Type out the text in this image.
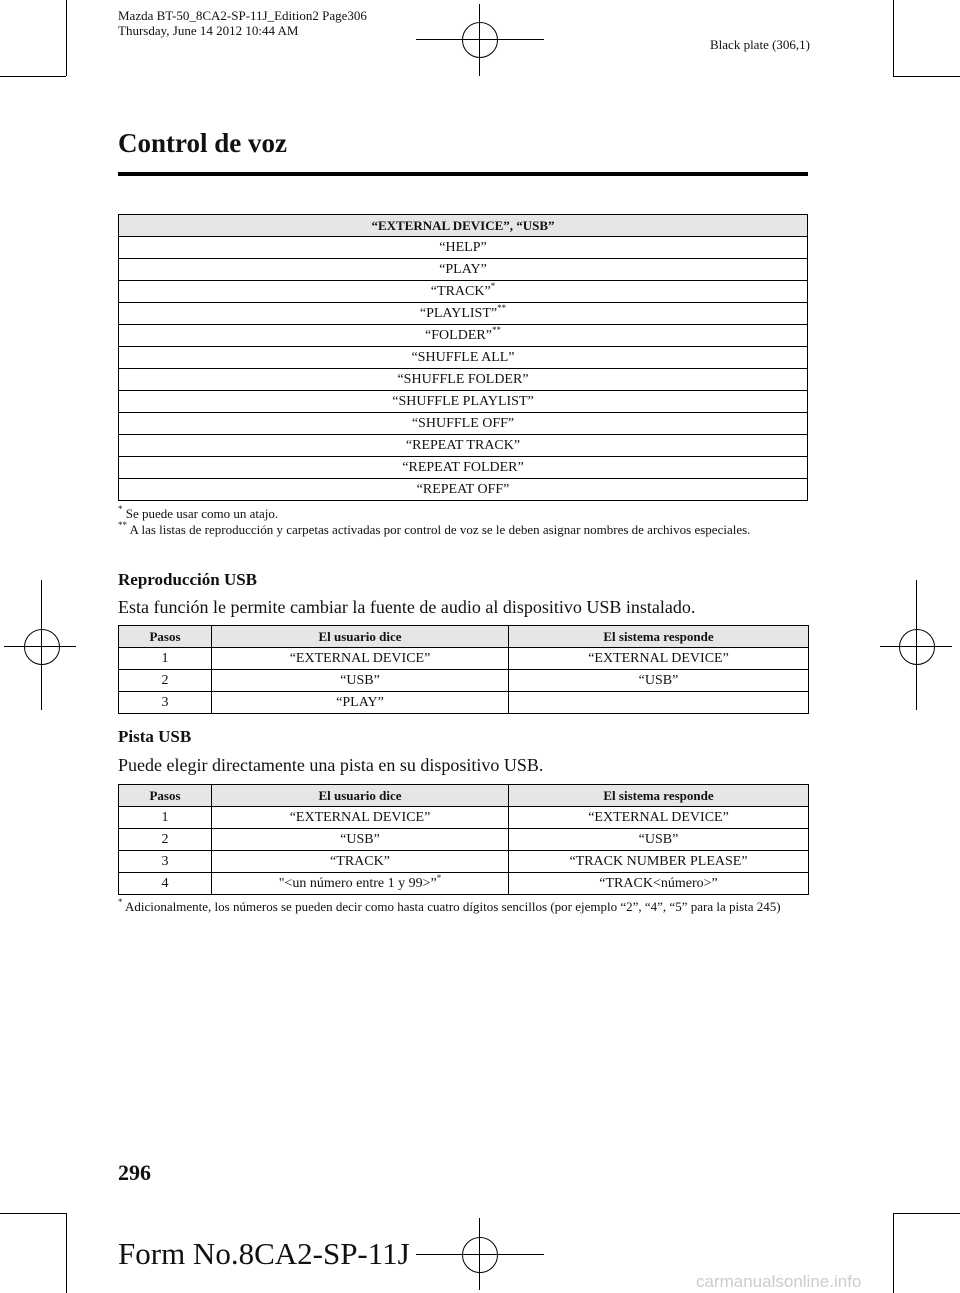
Mazda BT-50_8CA2-SP-11J_Edition2 Page306
Thursday, June 14 2012 10:44 AM
Black plate (306,1)
Control de voz
“EXTERNAL DEVICE”, “USB”
“HELP”
“PLAY”
“TRACK”*
“PLAYLIST”**
“FOLDER”**
“SHUFFLE ALL”
“SHUFFLE FOLDER”
“SHUFFLE PLAYLIST”
“SHUFFLE OFF”
“REPEAT TRACK”
“REPEAT FOLDER”
“REPEAT OFF”
* Se puede usar como un atajo.
** A las listas de reproducción y carpetas activadas por control de voz se le deben asignar nombres de archivos especiales.
Reproducción USB
Esta función le permite cambiar la fuente de audio al dispositivo USB instalado.
Pasos	El usuario dice	El sistema responde
1	“EXTERNAL DEVICE”	“EXTERNAL DEVICE”
2	“USB”	“USB”
3	“PLAY”	
Pista USB
Puede elegir directamente una pista en su dispositivo USB.
Pasos	El usuario dice	El sistema responde
1	“EXTERNAL DEVICE”	“EXTERNAL DEVICE”
2	“USB”	“USB”
3	“TRACK”	“TRACK NUMBER PLEASE”
4	"<un número entre 1 y 99>”*	“TRACK<número>”
* Adicionalmente, los números se pueden decir como hasta cuatro dígitos sencillos (por ejemplo “2”, “4”, “5” para la pista 245)
296
Form No.8CA2-SP-11J
carmanualsonline.info
